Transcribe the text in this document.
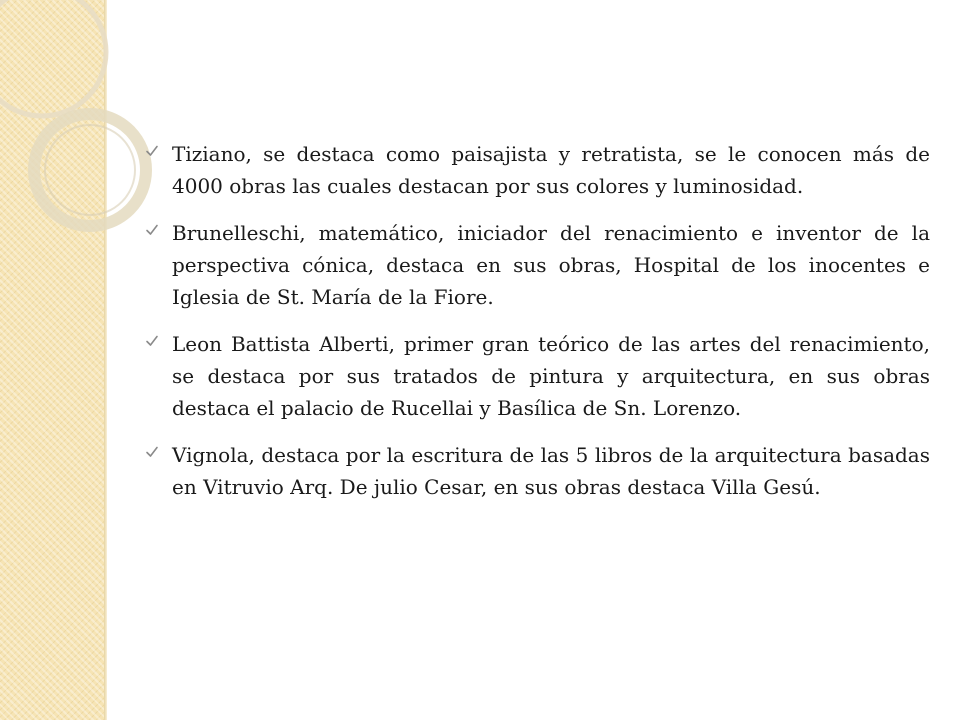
Tiziano, se destaca como paisajista y retratista, se le conocen más de 4000 obras las cuales destacan por sus colores y luminosidad.
Brunelleschi, matemático, iniciador del renacimiento e inventor de la perspectiva cónica, destaca en sus obras, Hospital de los inocentes e Iglesia de St. María de la Fiore.
Leon Battista Alberti, primer gran teórico de las artes del renacimiento, se destaca por sus tratados de pintura y arquitectura, en sus obras destaca el palacio de Rucellai y Basílica de Sn. Lorenzo.
Vignola, destaca por la escritura de las 5 libros de la arquitectura basadas en Vitruvio Arq. De julio Cesar, en sus obras destaca Villa Gesú.
